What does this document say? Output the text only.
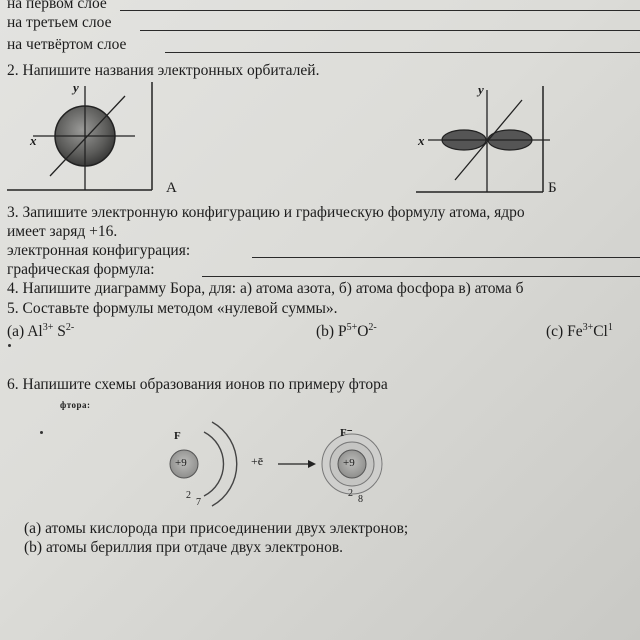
на первом слое
на третьем слое
на четвёртом слое
2. Напишите названия электронных орбиталей.
x
y
А
x
y
Б
3. Запишите электронную конфигурацию и графическую формулу атома, ядро
имеет заряд +16.
электронная конфигурация:
графическая формула:
4. Напишите диаграмму Бора, для: а) атома азота, б) атома фосфора в) атома б
5. Составьте формулы методом «нулевой суммы».
(a) $Al^{3+}$ $S^{2-}$	(b) $P^{5+}O^{2-}$	(c) $Fe^{3+}Cl^1$
6. Напишите схемы образования ионов по примеру фтора
фтора:
F
+9
2
7
+ē
F⁻
+9
2
8
(a) атомы кислорода при присоединении двух электронов;
(b) атомы бериллия при отдаче двух электронов.
